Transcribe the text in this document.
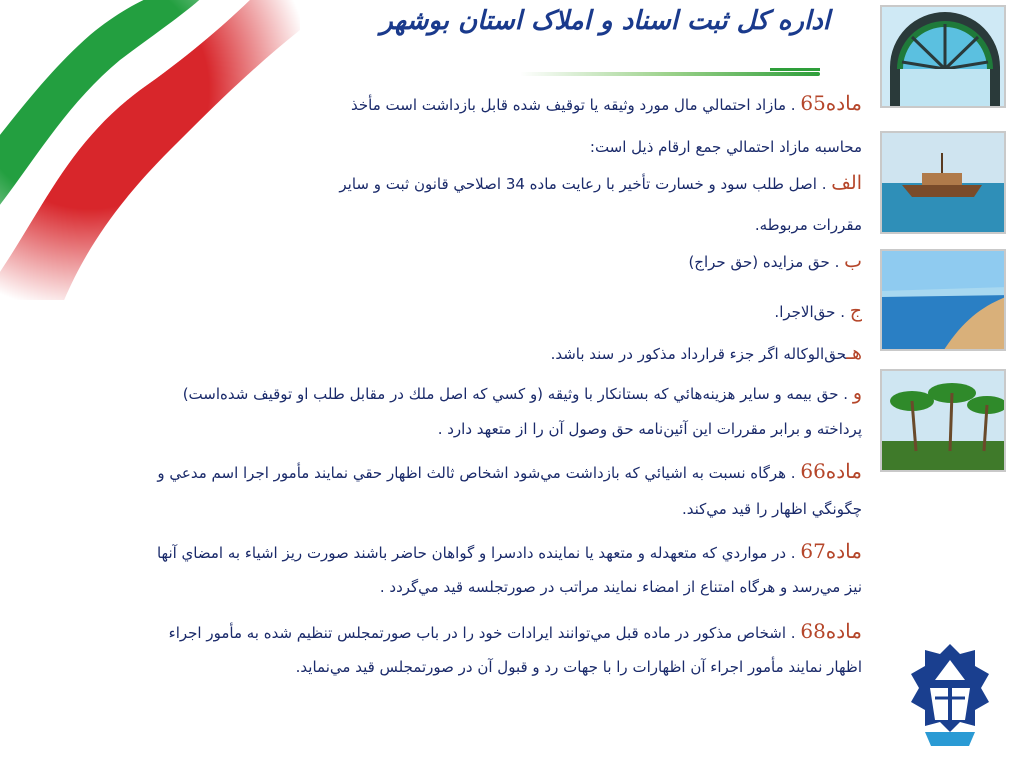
اداره کل ثبت اسناد و املاک استان بوشهر
ماده65 . مازاد احتمالي مال مورد وثيقه يا توقيف شده قابل بازداشت است مأخذ
محاسبه مازاد احتمالي جمع ارقام ذيل است:
الف . اصل طلب سود و خسارت تأخير با رعايت ماده 34 اصلاحي قانون ثبت و ساير
مقررات مربوطه.
ب . حق مزايده (حق حراج)
ج . حق‌الاجرا.
هـحق‌الوکاله اگر جزء قرارداد مذکور در سند باشد.
و . حق بيمه و ساير هزينه‌هائي که بستانکار با وثيقه (و کسي که اصل ملك در مقابل طلب او توقيف شده‌است)
پرداخته و برابر مقررات اين آئين‌نامه حق وصول آن را از متعهد دارد .
ماده66 . هرگاه نسبت به اشيائي که بازداشت مي‌شود اشخاص ثالث اظهار حقي نمايند مأمور اجرا اسم مدعي و
چگونگي اظهار را قيد مي‌کند.
ماده67 . در مواردي که متعهدله و متعهد يا نماينده دادسرا و گواهان حاضر باشند صورت ريز اشياء به امضاي آنها
نيز مي‌رسد و هرگاه امتناع از امضاء نمايند مراتب در صورتجلسه قيد مي‌گردد .
ماده68 . اشخاص مذکور در ماده قبل مي‌توانند ايرادات خود را در باب صورتمجلس تنظيم شده به مأمور اجراء
اظهار نمايند مأمور اجراء آن اظهارات را با جهات رد و قبول آن در صورتمجلس قيد مي‌نمايد.
